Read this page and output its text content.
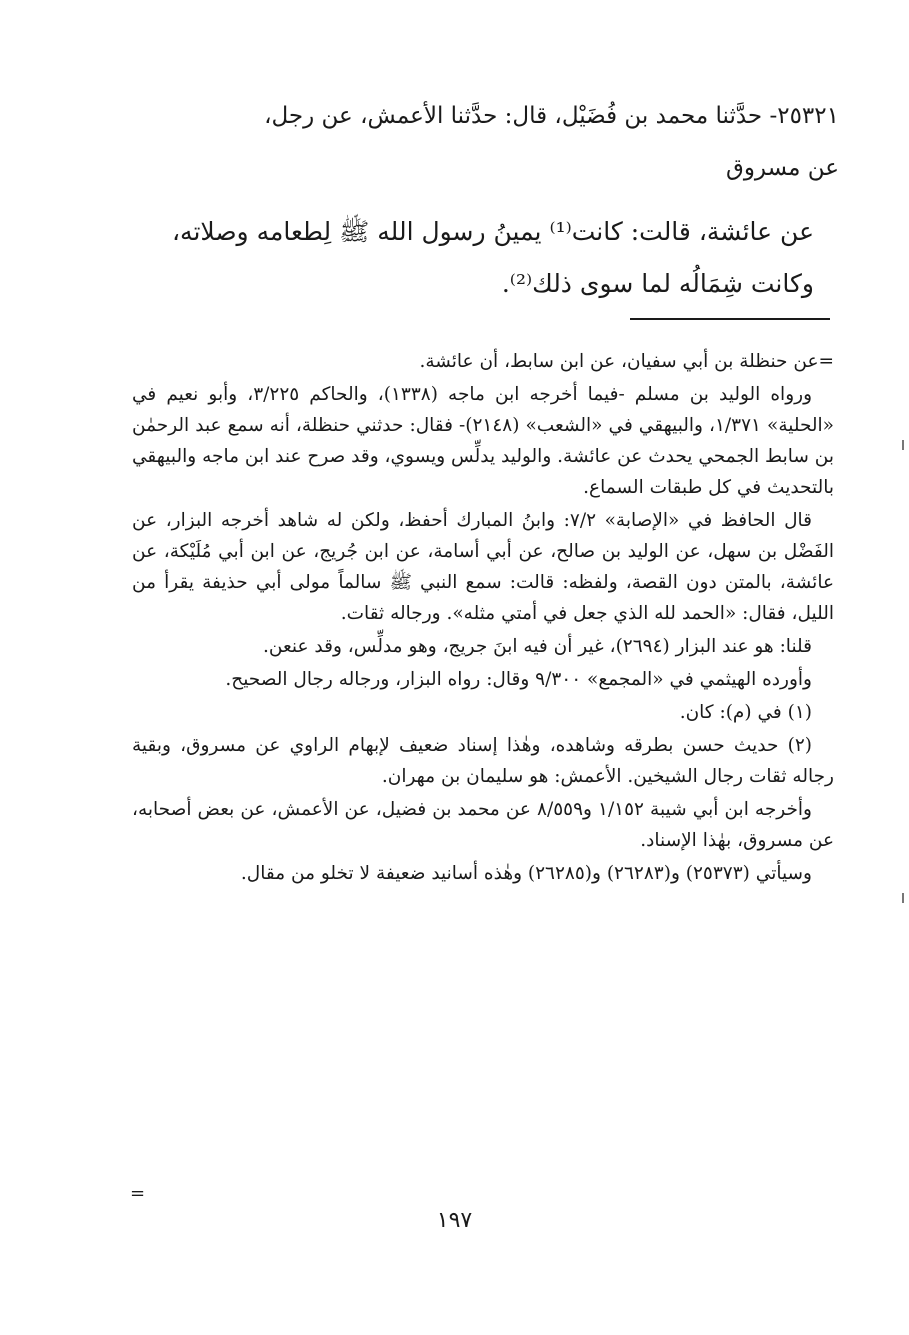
٢٥٣٢١- حدَّثنا محمد بن فُضَيْل، قال: حدَّثنا الأعمش، عن رجل،
عن مسروق
عن عائشة، قالت: كانت⁽¹⁾ يمينُ رسول الله ﷺ لِطعامه وصلاته، وكانت شِمَالُه لما سوى ذلك⁽²⁾.

=عن حنظلة بن أبي سفيان، عن ابن سابط، أن عائشة.

ورواه الوليد بن مسلم -فيما أخرجه ابن ماجه (١٣٣٨)، والحاكم ٣/٢٢٥، وأبو نعيم في «الحلية» ١/٣٧١، والبيهقي في «الشعب» (٢١٤٨)- فقال: حدثني حنظلة، أنه سمع عبد الرحمٰن بن سابط الجمحي يحدث عن عائشة. والوليد يدلِّس ويسوي، وقد صرح عند ابن ماجه والبيهقي بالتحديث في كل طبقات السماع.

قال الحافظ في «الإصابة» ٧/٢: وابنُ المبارك أحفظ، ولكن له شاهد أخرجه البزار، عن الفَضْل بن سهل، عن الوليد بن صالح، عن أبي أسامة، عن ابن جُريج، عن ابن أبي مُلَيْكة، عن عائشة، بالمتن دون القصة، ولفظه: قالت: سمع النبي ﷺ سالماً مولى أبي حذيفة يقرأ من الليل، فقال: «الحمد لله الذي جعل في أمتي مثله». ورجاله ثقات.

قلنا: هو عند البزار (٢٦٩٤)، غير أن فيه ابنَ جريج، وهو مدلِّس، وقد عنعن.

وأورده الهيثمي في «المجمع» ٩/٣٠٠ وقال: رواه البزار، ورجاله رجال الصحيح.

(١) في (م): كان.

(٢) حديث حسن بطرقه وشاهده، وهٰذا إسناد ضعيف لإبهام الراوي عن مسروق، وبقية رجاله ثقات رجال الشيخين. الأعمش: هو سليمان بن مهران.

وأخرجه ابن أبي شيبة ١/١٥٢ و٨/٥٥٩ عن محمد بن فضيل، عن الأعمش، عن بعض أصحابه، عن مسروق، بهٰذا الإسناد.

وسيأتي (٢٥٣٧٣) و(٢٦٢٨٣) و(٢٦٢٨٥) وهٰذه أسانيد ضعيفة لا تخلو من مقال.

=
١٩٧
